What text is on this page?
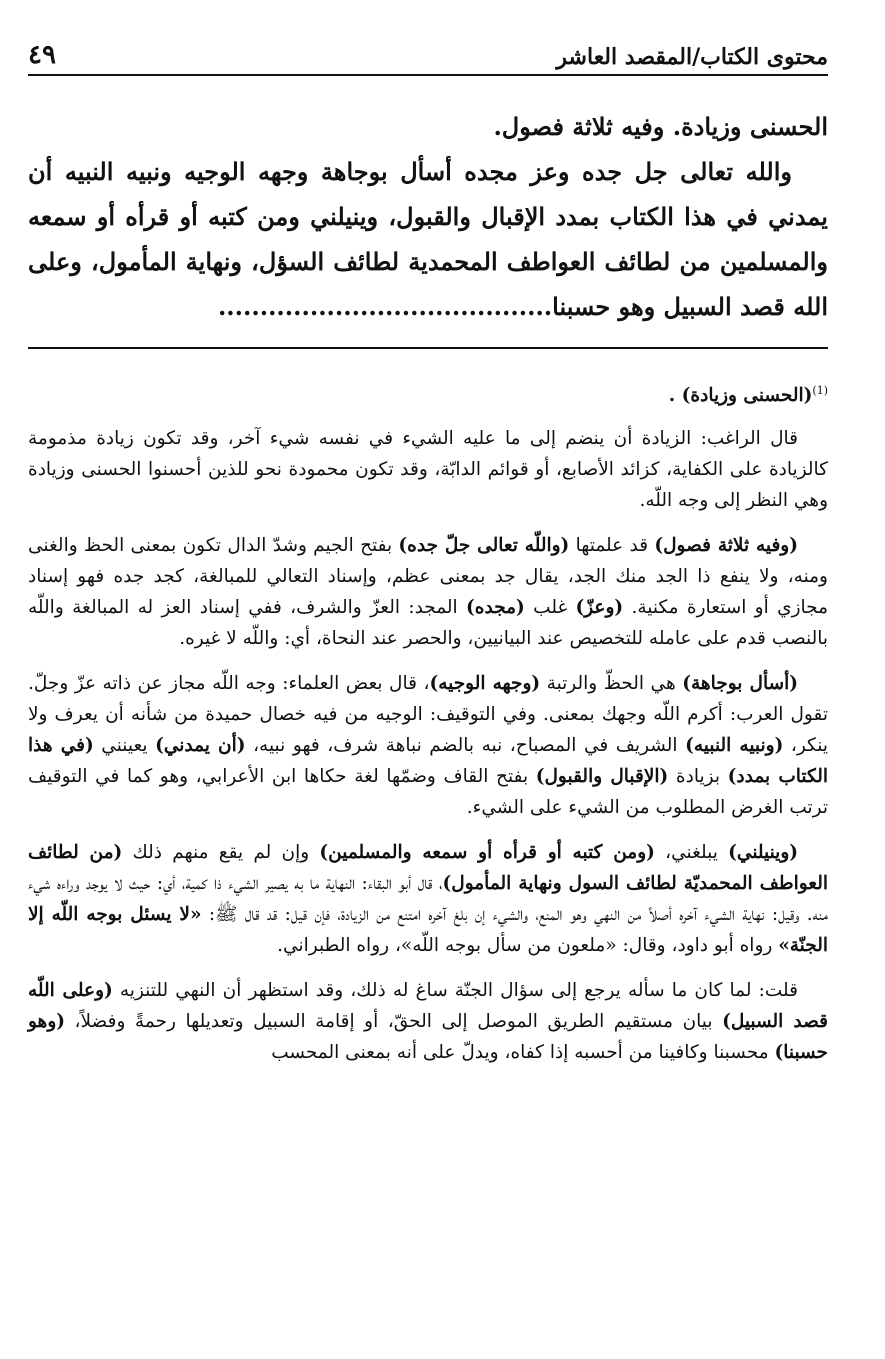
محتوى الكتاب/المقصد العاشر
٤٩

الحسنى وزيادة. وفيه ثلاثة فصول.

والله تعالى جل جده وعز مجده أسأل بوجاهة وجهه الوجيه ونبيه النبيه أن يمدني في هذا الكتاب بمدد الإقبال والقبول، وينيلني ومن كتبه أو قرأه أو سمعه والمسلمين من لطائف العواطف المحمدية لطائف السؤل، ونهاية المأمول، وعلى الله قصد السبيل وهو حسبنا........................................

$^{(1)}$(الحسنى وزيادة) .

قال الراغب: الزيادة أن ينضم إلى ما عليه الشيء في نفسه شيء آخر، وقد تكون زيادة مذمومة كالزيادة على الكفاية، كزائد الأصابع، أو قوائم الدابّة، وقد تكون محمودة نحو للذين أحسنوا الحسنى وزيادة وهي النظر إلى وجه اللّه.

(وفيه ثلاثة فصول) قد علمتها (واللّه تعالى جلّ جده) بفتح الجيم وشدّ الدال تكون بمعنى الحظ والغنى ومنه، ولا ينفع ذا الجد منك الجد، يقال جد بمعنى عظم، وإسناد التعالي للمبالغة، كجد جده فهو إسناد مجازي أو استعارة مكنية. (وعزّ) غلب (مجده) المجد: العزّ والشرف، ففي إسناد العز له المبالغة واللّه بالنصب قدم على عامله للتخصيص عند البيانيين، والحصر عند النحاة، أي: واللّه لا غيره.

(أسأل بوجاهة) هي الحظّ والرتبة (وجهه الوجيه)، قال بعض العلماء: وجه اللّه مجاز عن ذاته عزّ وجلّ. تقول العرب: أكرم اللّه وجهك بمعنى. وفي التوقيف: الوجيه من فيه خصال حميدة من شأنه أن يعرف ولا ينكر، (ونبيه النبيه) الشريف في المصباح، نبه بالضم نباهة شرف، فهو نبيه، (أن يمدني) يعينني (في هذا الكتاب بمدد) بزيادة (الإقبال والقبول) بفتح القاف وضمّها لغة حكاها ابن الأعرابي، وهو كما في التوقيف ترتب الغرض المطلوب من الشيء على الشيء.

(وينيلني) يبلغني، (ومن كتبه أو قرأه أو سمعه والمسلمين) وإن لم يقع منهم ذلك (من لطائف العواطف المحمديّة لطائف السول ونهاية المأمول)، قال أبو البقاء: النهاية ما به يصير الشيء ذا كمية، أي: حيث لا يوجد وراءه شيء منه. وقيل: نهاية الشيء آخره أصلاً من النهي وهو المنع، والشيء إن بلغ آخره امتنع من الزيادة، فإن قيل: قد قال ﷺ: «لا يسئل بوجه اللّه إلا الجنّة» رواه أبو داود، وقال: «ملعون من سأل بوجه اللّه»، رواه الطبراني.

قلت: لما كان ما سأله يرجع إلى سؤال الجنّة ساغ له ذلك، وقد استظهر أن النهي للتنزيه (وعلى اللّه قصد السبيل) بيان مستقيم الطريق الموصل إلى الحقّ، أو إقامة السبيل وتعديلها رحمةً وفضلاً، (وهو حسبنا) محسبنا وكافينا من أحسبه إذا كفاه، ويدلّ على أنه بمعنى المحسب
